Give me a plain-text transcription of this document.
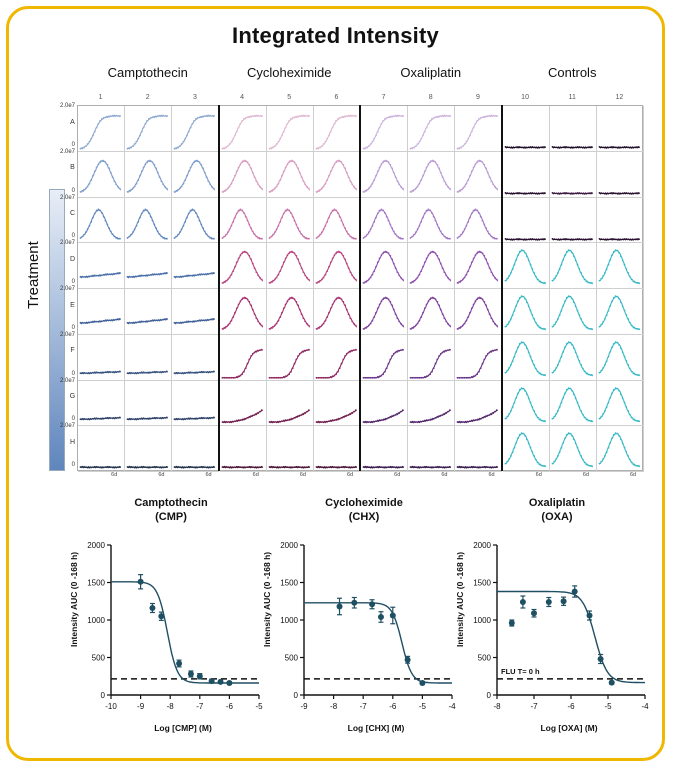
Integrated Intensity
Treatment
Camptothecin	Cycloheximide	Oxaliplatin	Controls
1	2	3	4	5	6	7	8	9	10	11	12
A
2.0e7
0
B
2.0e7
0
C
2.0e7
0
D
2.0e7
0
E
2.0e7
0
F
2.0e7
0
G
2.0e7
0
H
2.0e7
0
6d	6d	6d	6d	6d	6d	6d	6d	6d	6d	6d	6d
Camptothecin
(CMP)
Intensity AUC (0 -168 h)
Log [CMP] (M)
0
500
1000
1500
2000
-10	-9	-8	-7	-6	-5
Cycloheximide
(CHX)
Intensity AUC (0 -168 h)
Log [CHX] (M)
0
500
1000
1500
2000
-9	-8	-7	-6	-5	-4
Oxaliplatin
(OXA)
Intensity AUC (0 -168 h)
Log [OXA] (M)
0
500
1000
1500
2000
-8	-7	-6	-5	-4
FLU T= 0 h
